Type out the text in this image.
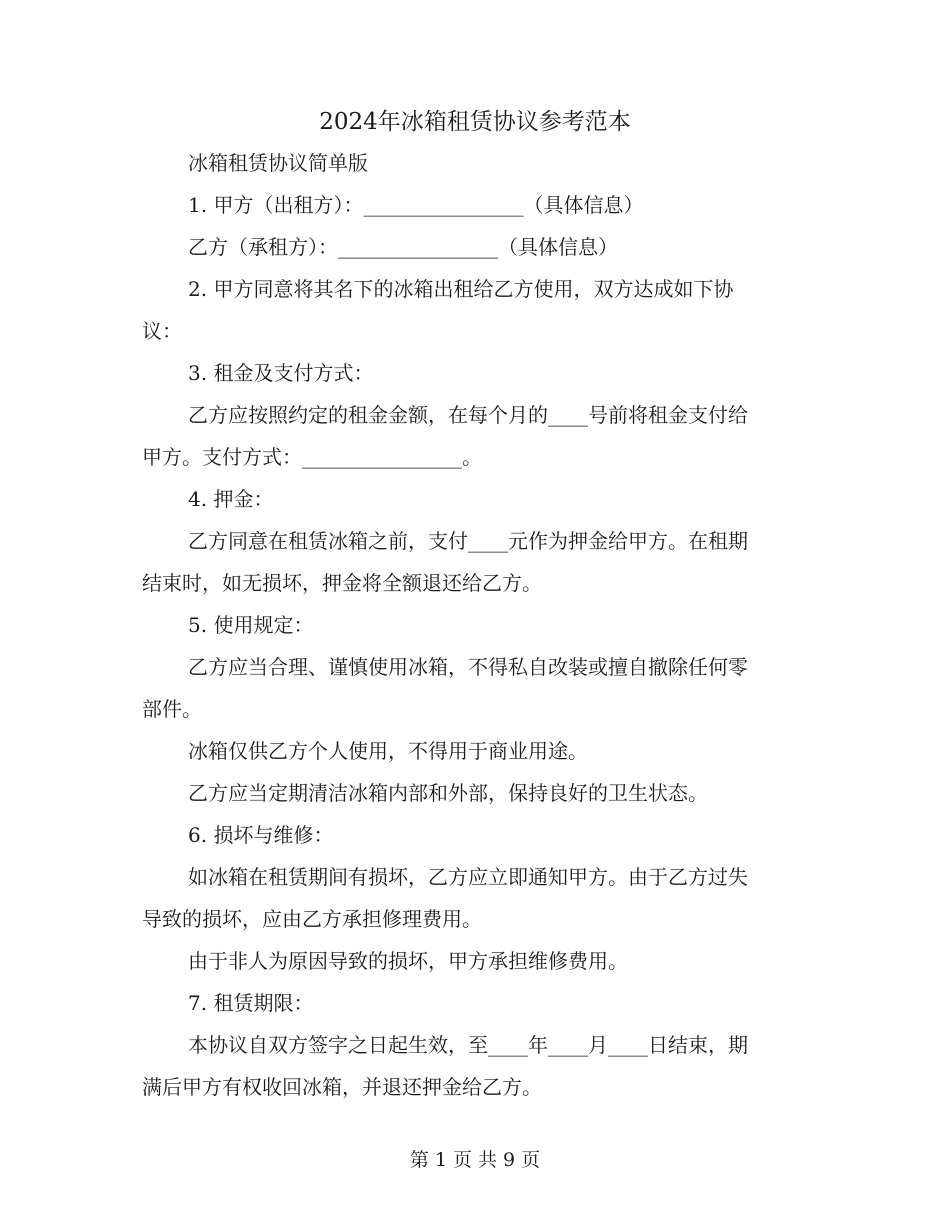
2024年冰箱租赁协议参考范本

冰箱租赁协议简单版

1. 甲方（出租方）：________________（具体信息）

乙方（承租方）：________________（具体信息）

2. 甲方同意将其名下的冰箱出租给乙方使用，双方达成如下协

议：

3. 租金及支付方式：

乙方应按照约定的租金金额，在每个月的____号前将租金支付给

甲方。支付方式：________________。

4. 押金：

乙方同意在租赁冰箱之前，支付____元作为押金给甲方。在租期

结束时，如无损坏，押金将全额退还给乙方。

5. 使用规定：

乙方应当合理、谨慎使用冰箱，不得私自改装或擅自撤除任何零

部件。

冰箱仅供乙方个人使用，不得用于商业用途。

乙方应当定期清洁冰箱内部和外部，保持良好的卫生状态。

6. 损坏与维修：

如冰箱在租赁期间有损坏，乙方应立即通知甲方。由于乙方过失

导致的损坏，应由乙方承担修理费用。

由于非人为原因导致的损坏，甲方承担维修费用。

7. 租赁期限：

本协议自双方签字之日起生效，至____年____月____日结束，期

满后甲方有权收回冰箱，并退还押金给乙方。

第 1 页 共 9 页
